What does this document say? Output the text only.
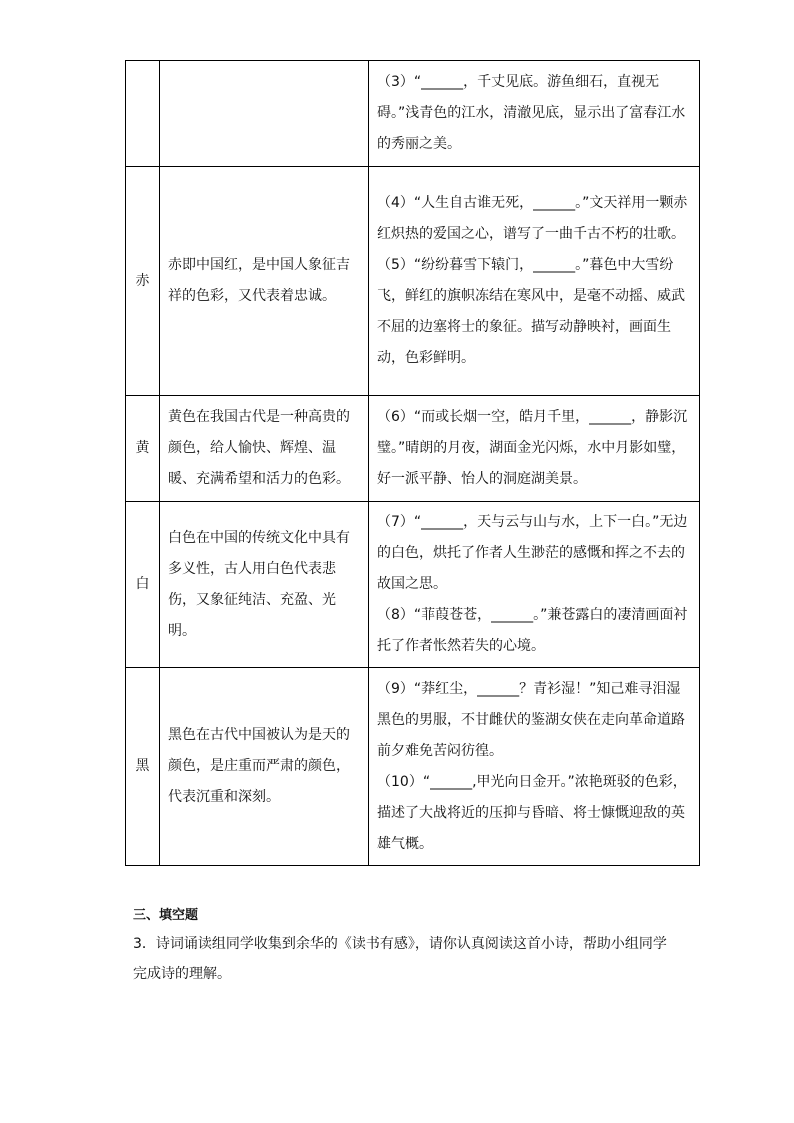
		（3）“______，千丈见底。游鱼细石，直视无碍。”浅青色的江水，清澈见底，显示出了富春江水的秀丽之美。

赤	赤即中国红，是中国人象征吉祥的色彩，又代表着忠诚。	（4）“人生自古谁无死，______。”文天祥用一颗赤红炽热的爱国之心，谱写了一曲千古不朽的壮歌。

（5）“纷纷暮雪下辕门，______。”暮色中大雪纷飞，鲜红的旗帜冻结在寒风中，是毫不动摇、威武不屈的边塞将士的象征。描写动静映衬，画面生动，色彩鲜明。

黄	黄色在我国古代是一种高贵的颜色，给人愉快、辉煌、温暖、充满希望和活力的色彩。	（6）“而或长烟一空，皓月千里，______，静影沉璧。”晴朗的月夜，湖面金光闪烁，水中月影如璧，好一派平静、怡人的洞庭湖美景。

白	白色在中国的传统文化中具有多义性，古人用白色代表悲伤，又象征纯洁、充盈、光明。	（7）“______，天与云与山与水，上下一白。”无边的白色，烘托了作者人生渺茫的感慨和挥之不去的故国之思。

（8）“菲葭苍苍，______。”兼苍露白的凄清画面衬托了作者怅然若失的心境。

黑	黑色在古代中国被认为是天的颜色，是庄重而严肃的颜色，代表沉重和深刻。	（9）“莽红尘，______？青衫湿！”知己难寻泪湿黑色的男服，不甘雌伏的鉴湖女侠在走向革命道路前夕难免苦闷彷徨。

（10）“______,甲光向日金开。”浓艳斑驳的色彩，描述了大战将近的压抑与昏暗、将士慷慨迎敌的英雄气概。

三、填空题
3．诗词诵读组同学收集到余华的《读书有感》，请你认真阅读这首小诗，帮助小组同学完成诗的理解。
